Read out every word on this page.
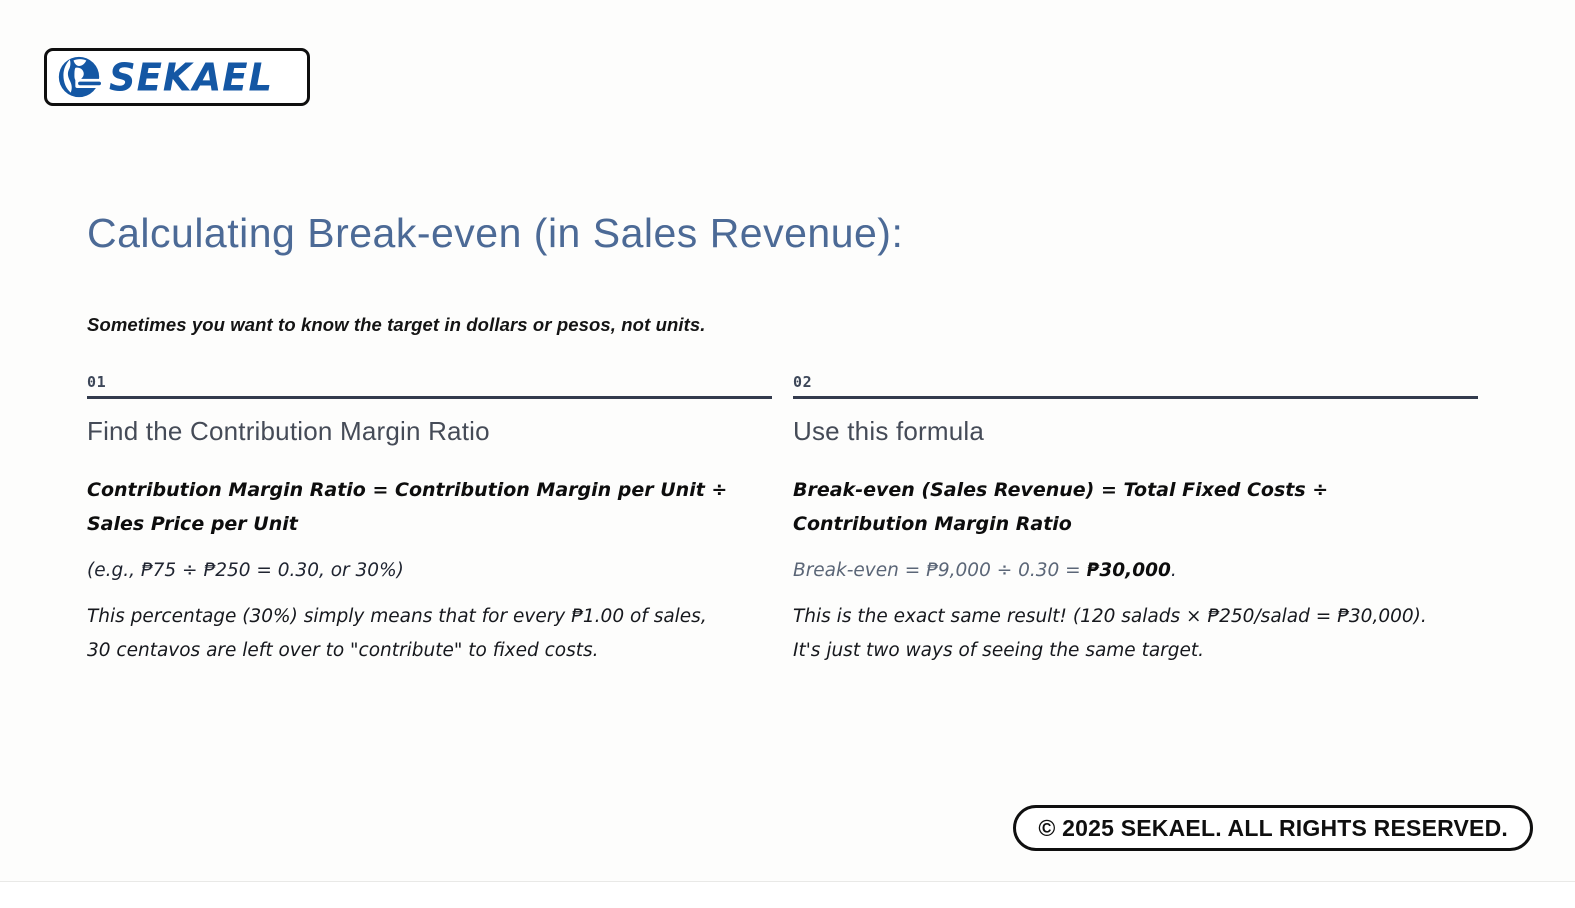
SEKAEL
Calculating Break-even (in Sales Revenue):

Sometimes you want to know the target in dollars or pesos, not units.

01
Find the Contribution Margin Ratio

Contribution Margin Ratio = Contribution Margin per Unit ÷ Sales Price per Unit

(e.g., ₱75 ÷ ₱250 = 0.30, or 30%)

This percentage (30%) simply means that for every ₱1.00 of sales, 30 centavos are left over to "contribute" to fixed costs.

02
Use this formula

Break-even (Sales Revenue) = Total Fixed Costs ÷ Contribution Margin Ratio

Break-even = ₱9,000 ÷ 0.30 = ₱30,000.

This is the exact same result! (120 salads × ₱250/salad = ₱30,000). It's just two ways of seeing the same target.

© 2025 SEKAEL. ALL RIGHTS RESERVED.
